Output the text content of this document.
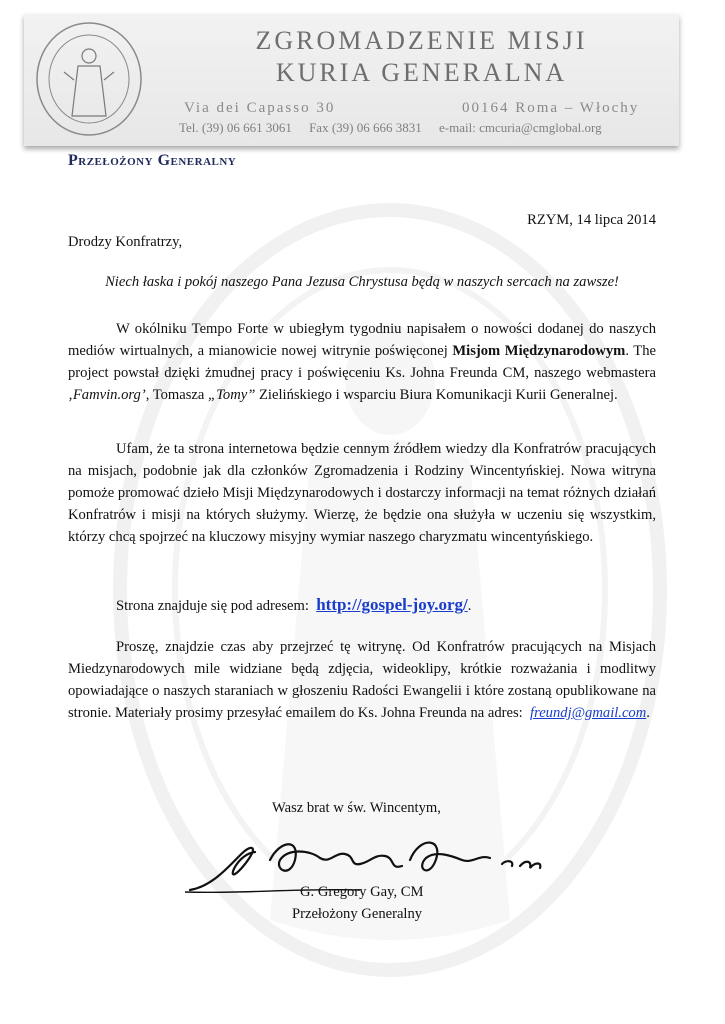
ZGROMADZENIE MISJI
KURIA GENERALNA
Via dei Capasso 30	00164 Roma – Włochy
Tel. (39) 06 661 3061 Fax (39) 06 666 3831 e-mail: cmcuria@cmglobal.org
Przełożony Generalny
RZYM, 14 lipca 2014
Drodzy Konfratrzy,
Niech łaska i pokój naszego Pana Jezusa Chrystusa będą w naszych sercach na zawsze!
W okólniku Tempo Forte w ubiegłym tygodniu napisałem o nowości dodanej do naszych mediów wirtualnych, a mianowicie nowej witrynie poświęconej Misjom Międzynarodowym. The project powstał dzięki żmudnej pracy i poświęceniu Ks. Johna Freunda CM, naszego webmastera ‚Famvin.org’, Tomasza „Tomy” Zielińskiego i wsparciu Biura Komunikacji Kurii Generalnej.
Ufam, że ta strona internetowa będzie cennym źródłem wiedzy dla Konfratrów pracujących na misjach, podobnie jak dla członków Zgromadzenia i Rodziny Wincentyńskiej. Nowa witryna pomoże promować dzieło Misji Międzynarodowych i dostarczy informacji na temat różnych działań Konfratrów i misji na których służymy. Wierzę, że będzie ona służyła w uczeniu się wszystkim, którzy chcą spojrzeć na kluczowy misyjny wymiar naszego charyzmatu wincentyńskiego.
Strona znajduje się pod adresem: http://gospel-joy.org/.
Proszę, znajdzie czas aby przejrzeć tę witrynę. Od Konfratrów pracujących na Misjach Miedzynarodowych mile widziane będą zdjęcia, wideoklipy, krótkie rozważania i modlitwy opowiadające o naszych staraniach w głoszeniu Radości Ewangelii i które zostaną opublikowane na stronie. Materiały prosimy przesyłać emailem do Ks. Johna Freunda na adres: freundj@gmail.com.
Wasz brat w św. Wincentym,
G. Gregory Gay, CM
Przełożony Generalny
